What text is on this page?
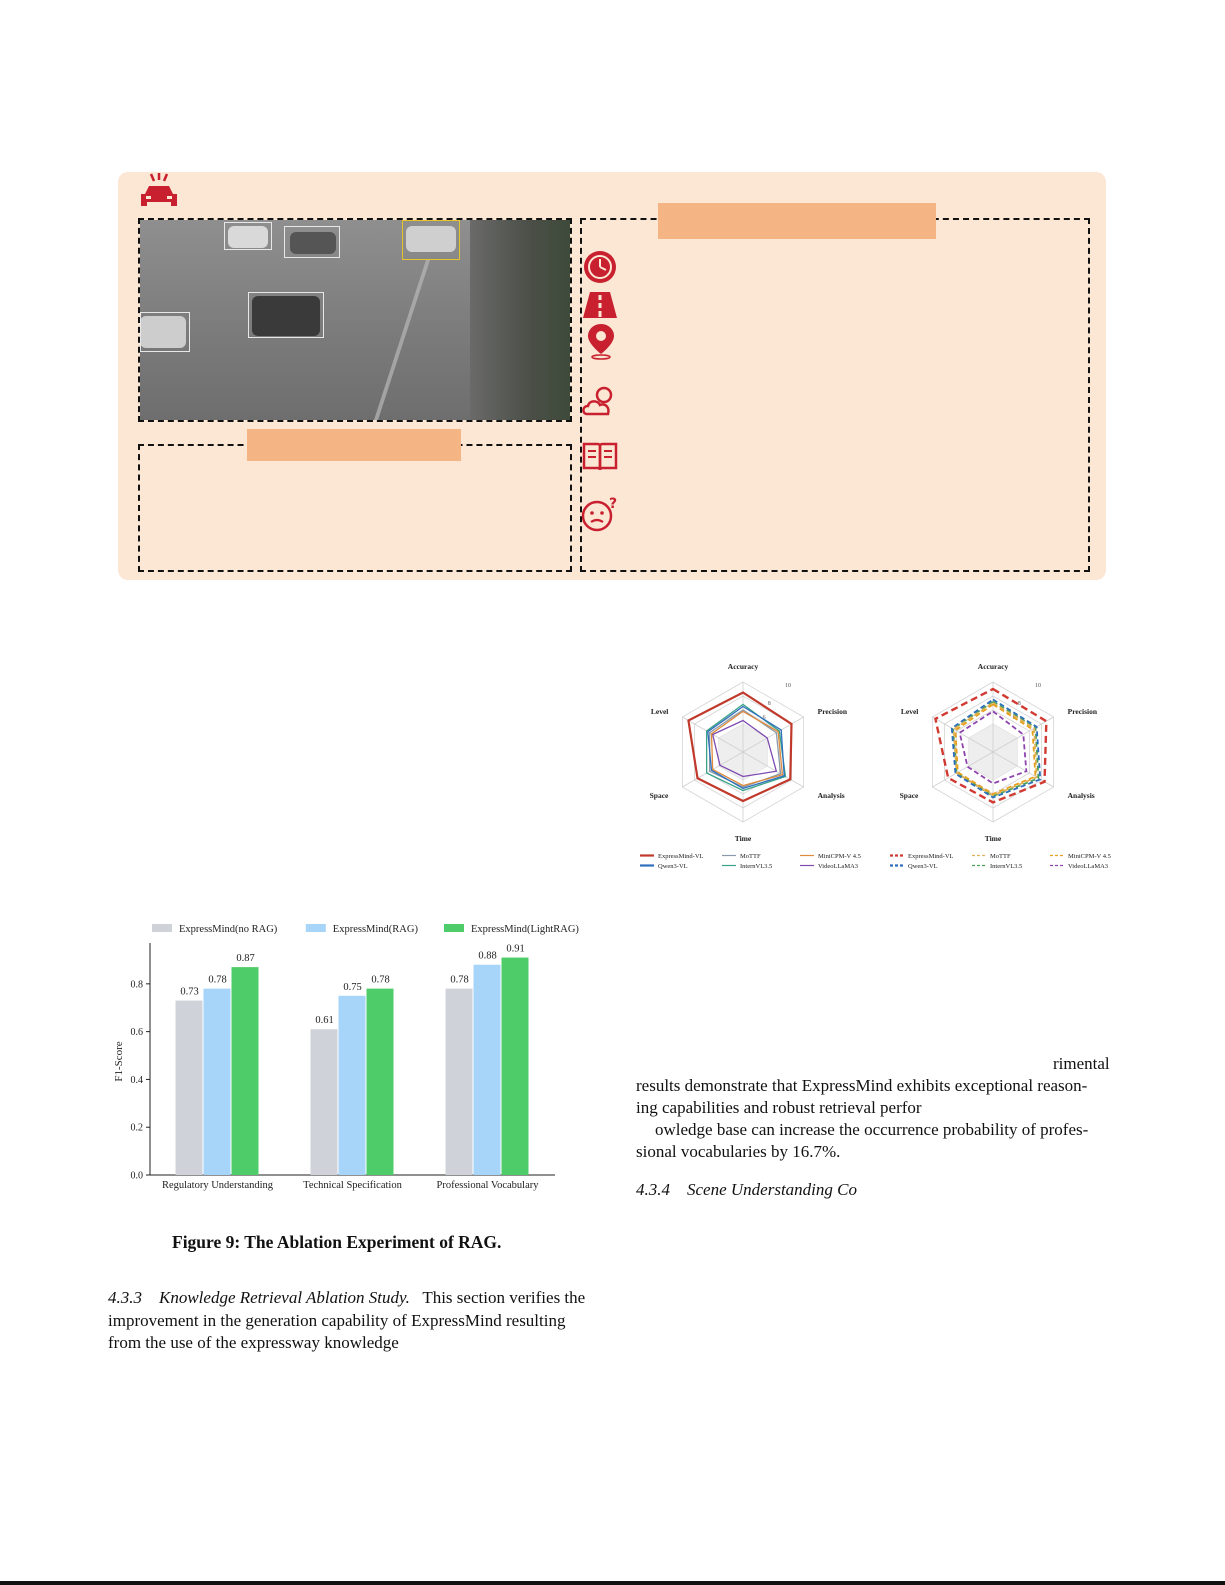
?
6
8
10
Accuracy
Precision
Analysis
Time
Space
Level
ExpressMind-VL	MoTTF	MiniCPM-V 4.5
Qwen3-VL	InternVL3.5	VideoLLaMA3
6
8
10
Accuracy
Precision
Analysis
Time
Space
Level
ExpressMind-VL	MoTTF	MiniCPM-V 4.5
Qwen3-VL	InternVL3.5	VideoLLaMA3
ExpressMind(no RAG)	ExpressMind(RAG)	ExpressMind(LightRAG)
0.0
0.2
0.4
0.6
0.8
F1-Score
0.73
0.78
0.87
Regulatory Understanding
0.61
0.75
0.78
Technical Specification
0.78
0.88
0.91
Professional Vocabulary
Figure 9: The Ablation Experiment of RAG.
4.3.3 Knowledge Retrieval Ablation Study. This section verifies the
improvement in the generation capability of ExpressMind resulting
from the use of the expressway knowledge
rimental
results demonstrate that ExpressMind exhibits exceptional reason-
ing capabilities and robust retrieval perfor
owledge base can increase the occurrence probability of profes-
sional vocabularies by 16.7%.
4.3.4 Scene Understanding Co
